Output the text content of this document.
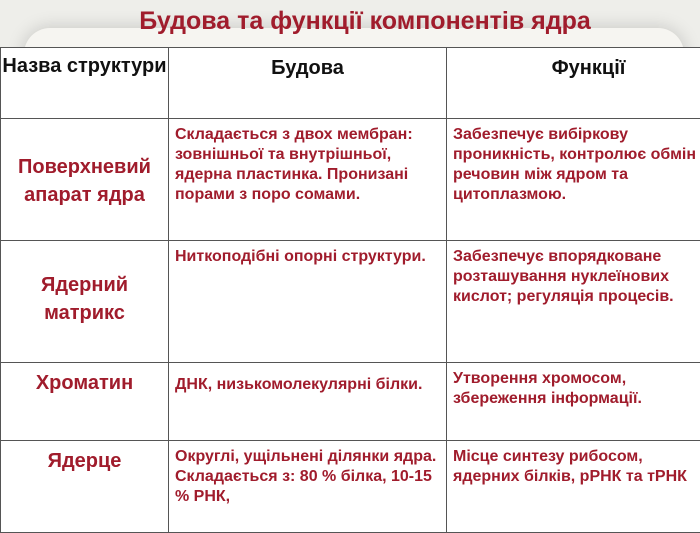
Будова та функції компонентів ядра
Назва структури	Будова	Функції
Поверхневий апарат ядра	Складається з двох мембран: зовнішньої та внутрішньої, ядерна пластинка. Пронизані порами з поро сомами.	Забезпечує вибіркову проникність, контролює обмін речовин між ядром та цитоплазмою.
Ядерний матрикс	Ниткоподібні опорні структури.	Забезпечує впорядковане розташування нуклеїнових кислот; регуляція процесів.
Хроматин	ДНК, низькомолекулярні білки.	Утворення хромосом, збереження інформації.
Ядерце	Округлі, ущільнені ділянки ядра. Складається з: 80 % білка, 10-15 % РНК,	Місце синтезу рибосом, ядерних білків, рРНК та тРНК
